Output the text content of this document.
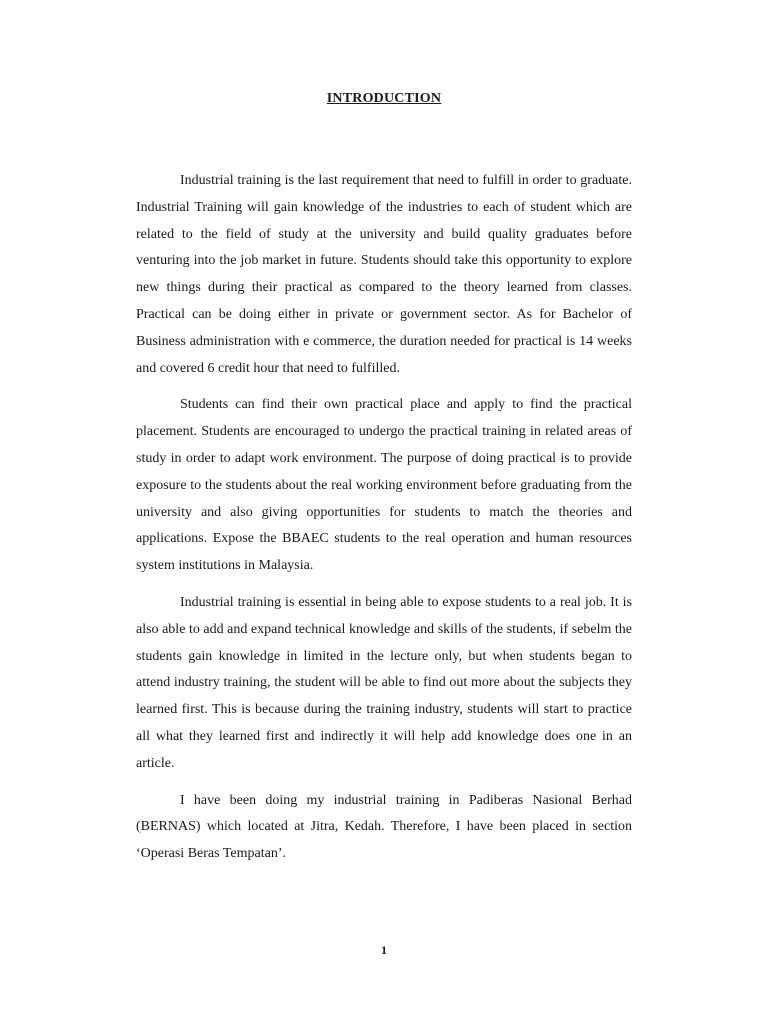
INTRODUCTION

Industrial training is the last requirement that need to fulfill in order to graduate. Industrial Training will gain knowledge of the industries to each of student which are related to the field of study at the university and build quality graduates before venturing into the job market in future. Students should take this opportunity to explore new things during their practical as compared to the theory learned from classes. Practical can be doing either in private or government sector. As for Bachelor of Business administration with e commerce, the duration needed for practical is 14 weeks and covered 6 credit hour that need to fulfilled.

Students can find their own practical place and apply to find the practical placement. Students are encouraged to undergo the practical training in related areas of study in order to adapt work environment. The purpose of doing practical is to provide exposure to the students about the real working environment before graduating from the university and also giving opportunities for students to match the theories and applications. Expose the BBAEC students to the real operation and human resources system institutions in Malaysia.

Industrial training is essential in being able to expose students to a real job. It is also able to add and expand technical knowledge and skills of the students, if sebelm the students gain knowledge in limited in the lecture only, but when students began to attend industry training, the student will be able to find out more about the subjects they learned first. This is because during the training industry, students will start to practice all what they learned first and indirectly it will help add knowledge does one in an article.

I have been doing my industrial training in Padiberas Nasional Berhad (BERNAS) which located at Jitra, Kedah. Therefore, I have been placed in section ‘Operasi Beras Tempatan’.

1
